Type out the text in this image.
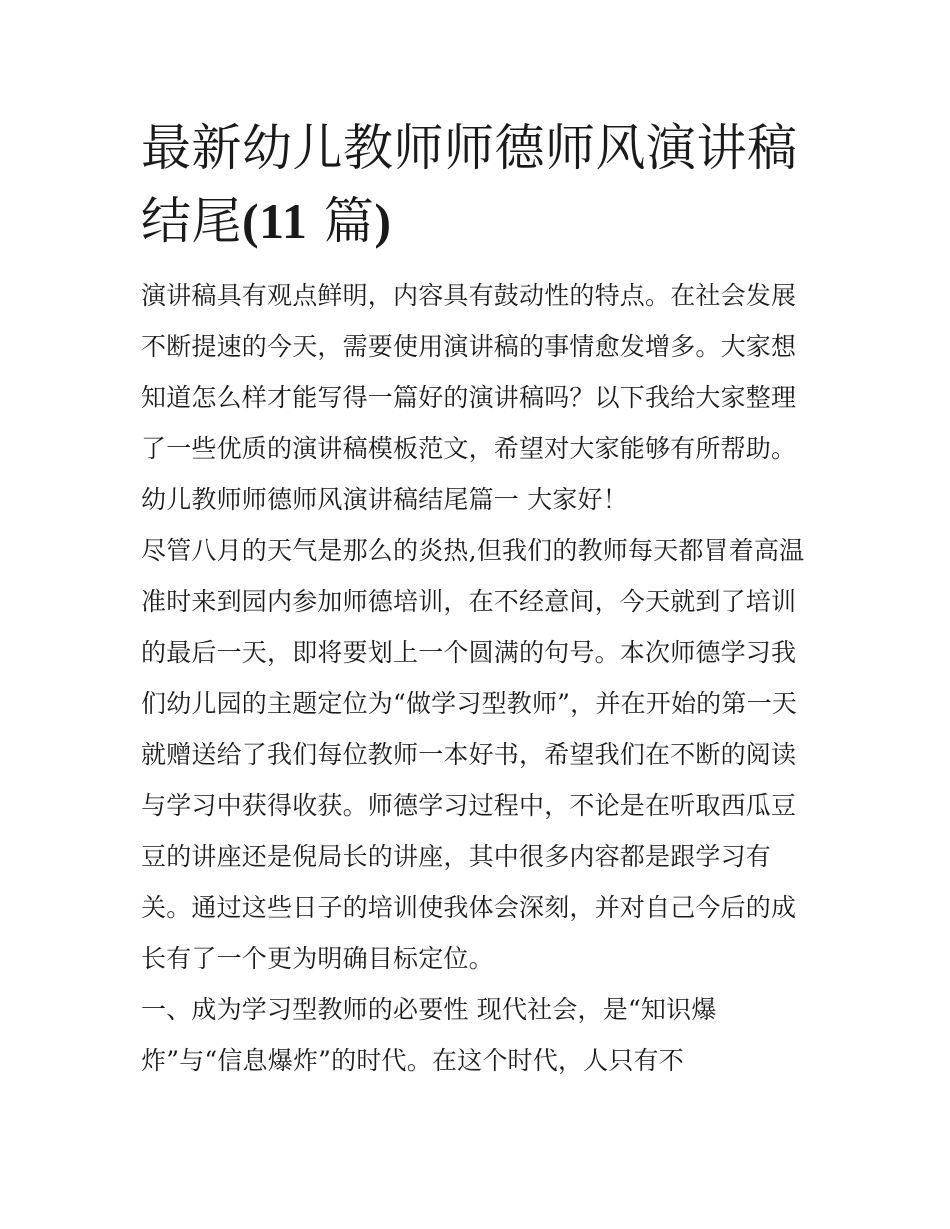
最新幼儿教师师德师风演讲稿
结尾(11 篇)

演讲稿具有观点鲜明，内容具有鼓动性的特点。在社会发展不断提速的今天，需要使用演讲稿的事情愈发增多。大家想知道怎么样才能写得一篇好的演讲稿吗？以下我给大家整理了一些优质的演讲稿模板范文，希望对大家能够有所帮助。

幼儿教师师德师风演讲稿结尾篇一 大家好！

尽管八月的天气是那么的炎热,但我们的教师每天都冒着高温准时来到园内参加师德培训，在不经意间，今天就到了培训的最后一天，即将要划上一个圆满的句号。本次师德学习我们幼儿园的主题定位为“做学习型教师”，并在开始的第一天就赠送给了我们每位教师一本好书，希望我们在不断的阅读与学习中获得收获。师德学习过程中，不论是在听取西瓜豆豆的讲座还是倪局长的讲座，其中很多内容都是跟学习有关。通过这些日子的培训使我体会深刻，并对自己今后的成长有了一个更为明确目标定位。

一、成为学习型教师的必要性 现代社会，是“知识爆炸”与“信息爆炸”的时代。在这个时代，人只有不
